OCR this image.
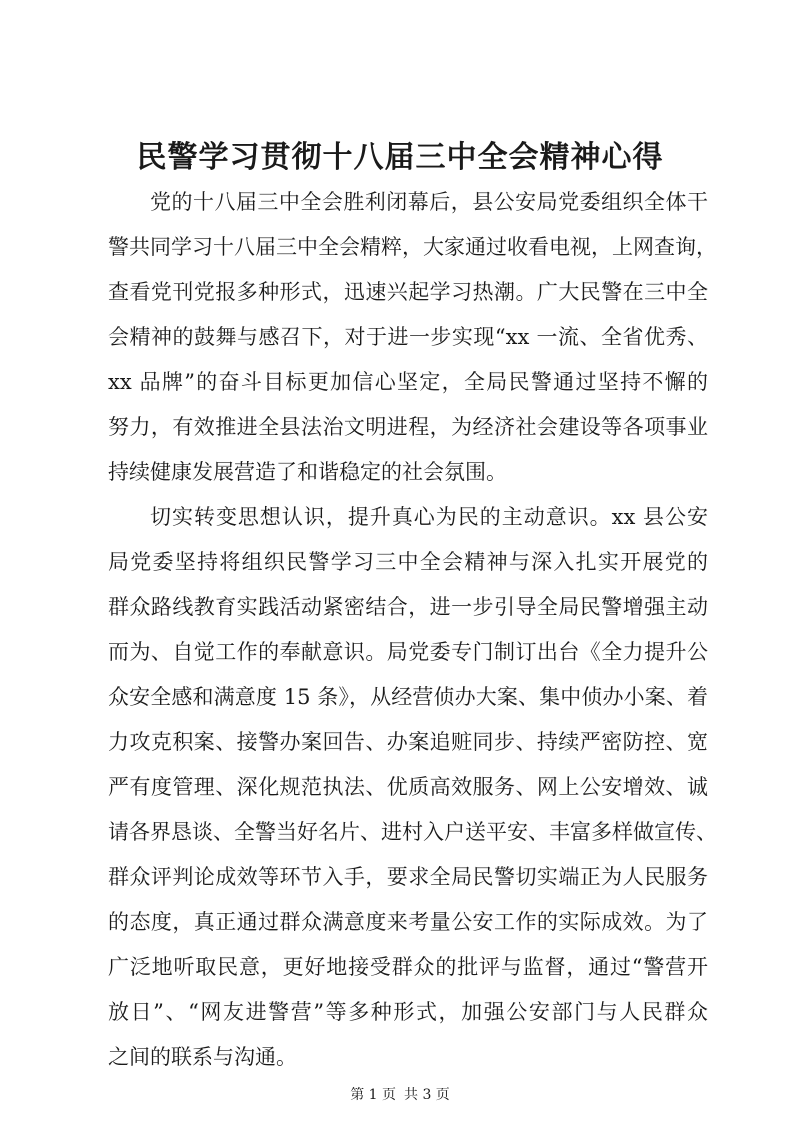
民警学习贯彻十八届三中全会精神心得
党的十八届三中全会胜利闭幕后，县公安局党委组织全体干
警共同学习十八届三中全会精粹，大家通过收看电视，上网查询，
查看党刊党报多种形式，迅速兴起学习热潮。广大民警在三中全
会精神的鼓舞与感召下，对于进一步实现“xx 一流、全省优秀、
xx 品牌”的奋斗目标更加信心坚定，全局民警通过坚持不懈的
努力，有效推进全县法治文明进程，为经济社会建设等各项事业
持续健康发展营造了和谐稳定的社会氛围。
切实转变思想认识，提升真心为民的主动意识。xx 县公安
局党委坚持将组织民警学习三中全会精神与深入扎实开展党的
群众路线教育实践活动紧密结合，进一步引导全局民警增强主动
而为、自觉工作的奉献意识。局党委专门制订出台《全力提升公
众安全感和满意度 15 条》，从经营侦办大案、集中侦办小案、着
力攻克积案、接警办案回告、办案追赃同步、持续严密防控、宽
严有度管理、深化规范执法、优质高效服务、网上公安增效、诚
请各界恳谈、全警当好名片、进村入户送平安、丰富多样做宣传、
群众评判论成效等环节入手，要求全局民警切实端正为人民服务
的态度，真正通过群众满意度来考量公安工作的实际成效。为了
广泛地听取民意，更好地接受群众的批评与监督，通过“警营开
放日”、“网友进警营”等多种形式，加强公安部门与人民群众
之间的联系与沟通。
第 1 页 共 3 页
